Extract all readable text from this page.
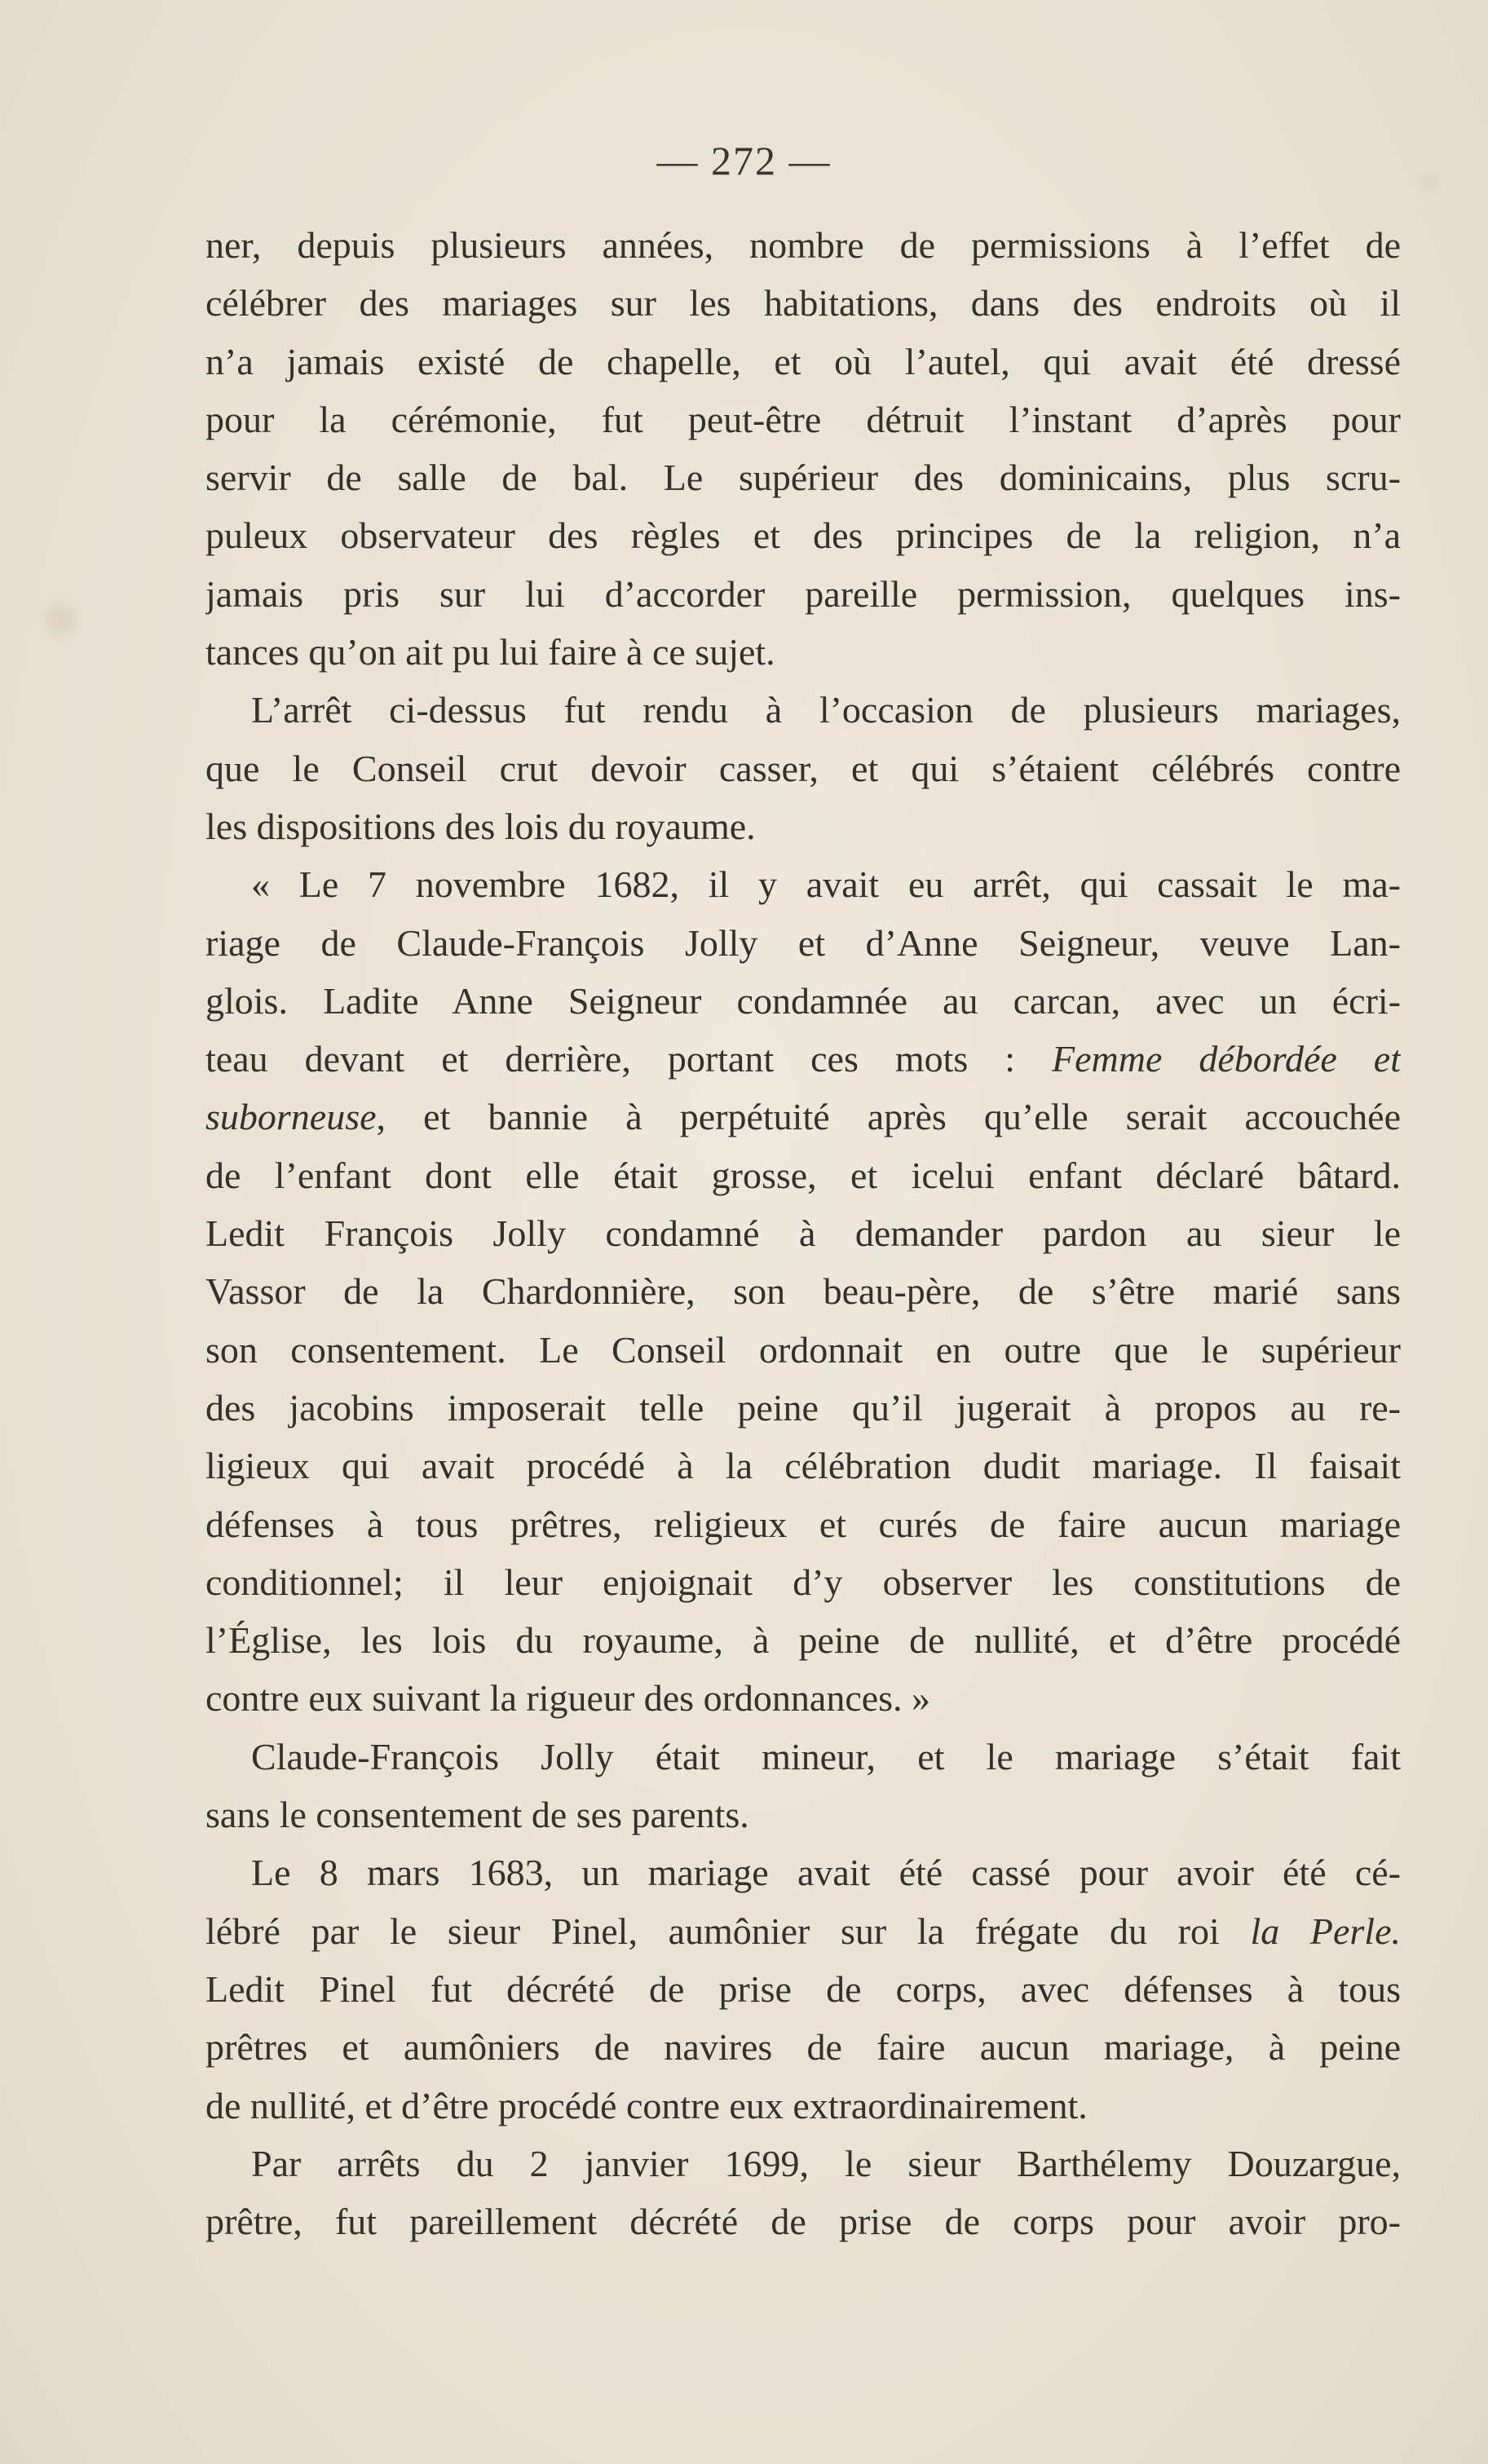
— 272 —
ner, depuis plusieurs années, nombre de permissions à l’effet de
célébrer des mariages sur les habitations, dans des endroits où il
n’a jamais existé de chapelle, et où l’autel, qui avait été dressé
pour la cérémonie, fut peut-être détruit l’instant d’après pour
servir de salle de bal. Le supérieur des dominicains, plus scru-
puleux observateur des règles et des principes de la religion, n’a
jamais pris sur lui d’accorder pareille permission, quelques ins-
tances qu’on ait pu lui faire à ce sujet.
L’arrêt ci-dessus fut rendu à l’occasion de plusieurs mariages,
que le Conseil crut devoir casser, et qui s’étaient célébrés contre
les dispositions des lois du royaume.
« Le 7 novembre 1682, il y avait eu arrêt, qui cassait le ma-
riage de Claude-François Jolly et d’Anne Seigneur, veuve Lan-
glois. Ladite Anne Seigneur condamnée au carcan, avec un écri-
teau devant et derrière, portant ces mots : Femme débordée et
suborneuse, et bannie à perpétuité après qu’elle serait accouchée
de l’enfant dont elle était grosse, et icelui enfant déclaré bâtard.
Ledit François Jolly condamné à demander pardon au sieur le
Vassor de la Chardonnière, son beau-père, de s’être marié sans
son consentement. Le Conseil ordonnait en outre que le supérieur
des jacobins imposerait telle peine qu’il jugerait à propos au re-
ligieux qui avait procédé à la célébration dudit mariage. Il faisait
défenses à tous prêtres, religieux et curés de faire aucun mariage
conditionnel; il leur enjoignait d’y observer les constitutions de
l’Église, les lois du royaume, à peine de nullité, et d’être procédé
contre eux suivant la rigueur des ordonnances. »
Claude-François Jolly était mineur, et le mariage s’était fait
sans le consentement de ses parents.
Le 8 mars 1683, un mariage avait été cassé pour avoir été cé-
lébré par le sieur Pinel, aumônier sur la frégate du roi la Perle.
Ledit Pinel fut décrété de prise de corps, avec défenses à tous
prêtres et aumôniers de navires de faire aucun mariage, à peine
de nullité, et d’être procédé contre eux extraordinairement.
Par arrêts du 2 janvier 1699, le sieur Barthélemy Douzargue,
prêtre, fut pareillement décrété de prise de corps pour avoir pro-
